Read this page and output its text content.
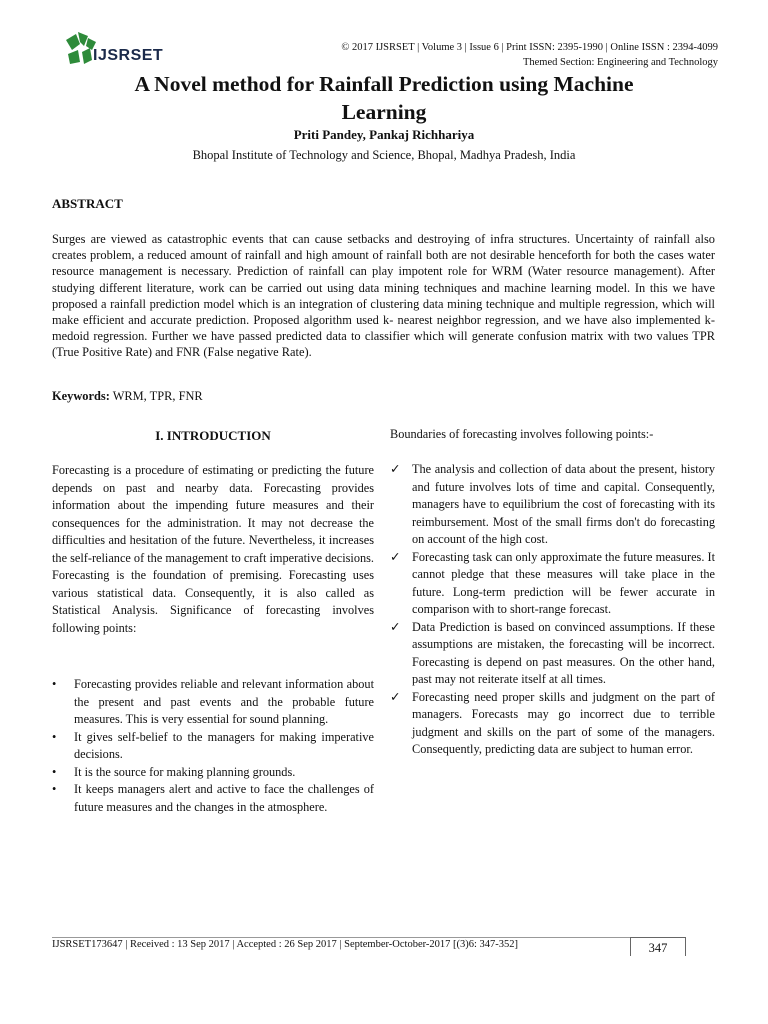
IJSRSET	© 2017 IJSRSET | Volume 3 | Issue 6 | Print ISSN: 2395-1990 | Online ISSN : 2394-4099
Themed Section: Engineering and Technology
A Novel method for Rainfall Prediction using Machine
Learning
Priti Pandey, Pankaj Richhariya
Bhopal Institute of Technology and Science, Bhopal, Madhya Pradesh, India
ABSTRACT
Surges are viewed as catastrophic events that can cause setbacks and destroying of infra structures. Uncertainty of rainfall also creates problem, a reduced amount of rainfall and high amount of rainfall both are not desirable henceforth for both the cases water resource management is necessary. Prediction of rainfall can play impotent role for WRM (Water resource management). After studying different literature, work can be carried out using data mining techniques and machine learning model. In this we have proposed a rainfall prediction model which is an integration of clustering data mining technique and multiple regression, which will make efficient and accurate prediction. Proposed algorithm used k- nearest neighbor regression, and we have also implemented k-medoid regression. Further we have passed predicted data to classifier which will generate confusion matrix with two values TPR (True Positive Rate) and FNR (False negative Rate).
Keywords: WRM, TPR, FNR
I. INTRODUCTION
Forecasting is a procedure of estimating or predicting the future depends on past and nearby data. Forecasting provides information about the impending future measures and their consequences for the administration. It may not decrease the difficulties and hesitation of the future. Nevertheless, it increases the self-reliance of the management to craft imperative decisions. Forecasting is the foundation of premising. Forecasting uses various statistical data. Consequently, it is also called as Statistical Analysis. Significance of forecasting involves following points:
•	Forecasting provides reliable and relevant information about the present and past events and the probable future measures. This is very essential for sound planning.
•	It gives self-belief to the managers for making imperative decisions.
•	It is the source for making planning grounds.
•	It keeps managers alert and active to face the challenges of future measures and the changes in the atmosphere.
Boundaries of forecasting involves following points:-
✓ The analysis and collection of data about the present, history and future involves lots of time and capital. Consequently, managers have to equilibrium the cost of forecasting with its reimbursement. Most of the small firms don't do forecasting on account of the high cost.
✓ Forecasting task can only approximate the future measures. It cannot pledge that these measures will take place in the future. Long-term prediction will be fewer accurate in comparison with to short-range forecast.
✓ Data Prediction is based on convinced assumptions. If these assumptions are mistaken, the forecasting will be incorrect. Forecasting is depend on past measures. On the other hand, past may not reiterate itself at all times.
✓ Forecasting need proper skills and judgment on the part of managers. Forecasts may go incorrect due to terrible judgment and skills on the part of some of the managers. Consequently, predicting data are subject to human error.
IJSRSET173647 | Received : 13 Sep 2017 | Accepted : 26 Sep 2017 | September-October-2017 [(3)6: 347-352]	347
